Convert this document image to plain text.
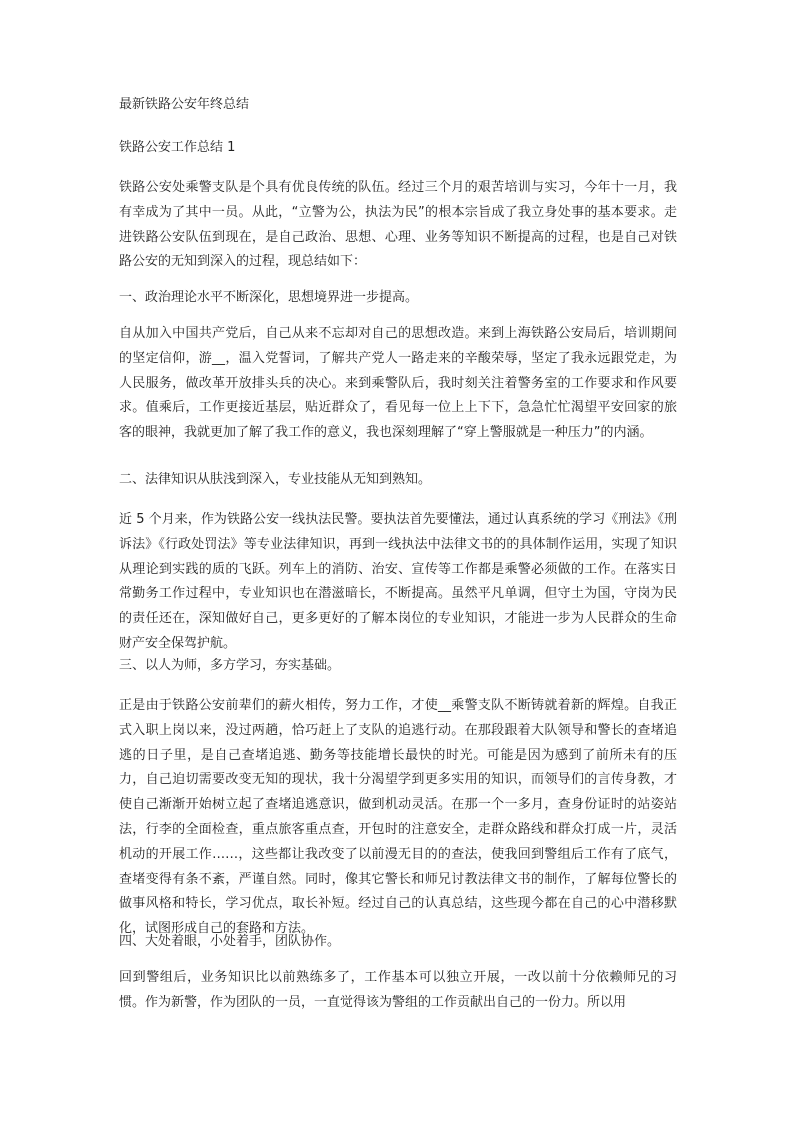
最新铁路公安年终总结
铁路公安工作总结 1
铁路公安处乘警支队是个具有优良传统的队伍。经过三个月的艰苦培训与实习，今年十一月，我有幸成为了其中一员。从此，“立警为公，执法为民”的根本宗旨成了我立身处事的基本要求。走进铁路公安队伍到现在，是自己政治、思想、心理、业务等知识不断提高的过程，也是自己对铁路公安的无知到深入的过程，现总结如下：
一、政治理论水平不断深化，思想境界进一步提高。
自从加入中国共产党后，自己从来不忘却对自己的思想改造。来到上海铁路公安局后，培训期间的坚定信仰，游__，温入党誓词，了解共产党人一路走来的辛酸荣辱，坚定了我永远跟党走，为人民服务，做改革开放排头兵的决心。来到乘警队后，我时刻关注着警务室的工作要求和作风要求。值乘后，工作更接近基层，贴近群众了，看见每一位上上下下，急急忙忙渴望平安回家的旅客的眼神，我就更加了解了我工作的意义，我也深刻理解了“穿上警服就是一种压力”的内涵。
二、法律知识从肤浅到深入，专业技能从无知到熟知。
近 5 个月来，作为铁路公安一线执法民警。要执法首先要懂法，通过认真系统的学习《刑法》《刑诉法》《行政处罚法》等专业法律知识，再到一线执法中法律文书的的具体制作运用，实现了知识从理论到实践的质的飞跃。列车上的消防、治安、宣传等工作都是乘警必须做的工作。在落实日常勤务工作过程中，专业知识也在潜滋暗长，不断提高。虽然平凡单调，但守土为国，守岗为民的责任还在，深知做好自己，更多更好的了解本岗位的专业知识，才能进一步为人民群众的生命财产安全保驾护航。
三、以人为师，多方学习，夯实基础。
正是由于铁路公安前辈们的薪火相传，努力工作，才使__乘警支队不断铸就着新的辉煌。自我正式入职上岗以来，没过两趟，恰巧赶上了支队的追逃行动。在那段跟着大队领导和警长的查堵追逃的日子里，是自己查堵追逃、勤务等技能增长最快的时光。可能是因为感到了前所未有的压力，自己迫切需要改变无知的现状，我十分渴望学到更多实用的知识，而领导们的言传身教，才使自己渐渐开始树立起了查堵追逃意识，做到机动灵活。在那一个一多月，查身份证时的站姿站法，行李的全面检查，重点旅客重点查，开包时的注意安全，走群众路线和群众打成一片，灵活机动的开展工作……，这些都让我改变了以前漫无目的的查法，使我回到警组后工作有了底气，查堵变得有条不紊，严谨自然。同时，像其它警长和师兄讨教法律文书的制作，了解每位警长的做事风格和特长，学习优点，取长补短。经过自己的认真总结，这些现今都在自己的心中潜移默化，试图形成自己的套路和方法。
四、大处着眼，小处着手，团队协作。
回到警组后，业务知识比以前熟练多了，工作基本可以独立开展，一改以前十分依赖师兄的习惯。作为新警，作为团队的一员，一直觉得该为警组的工作贡献出自己的一份力。所以用
